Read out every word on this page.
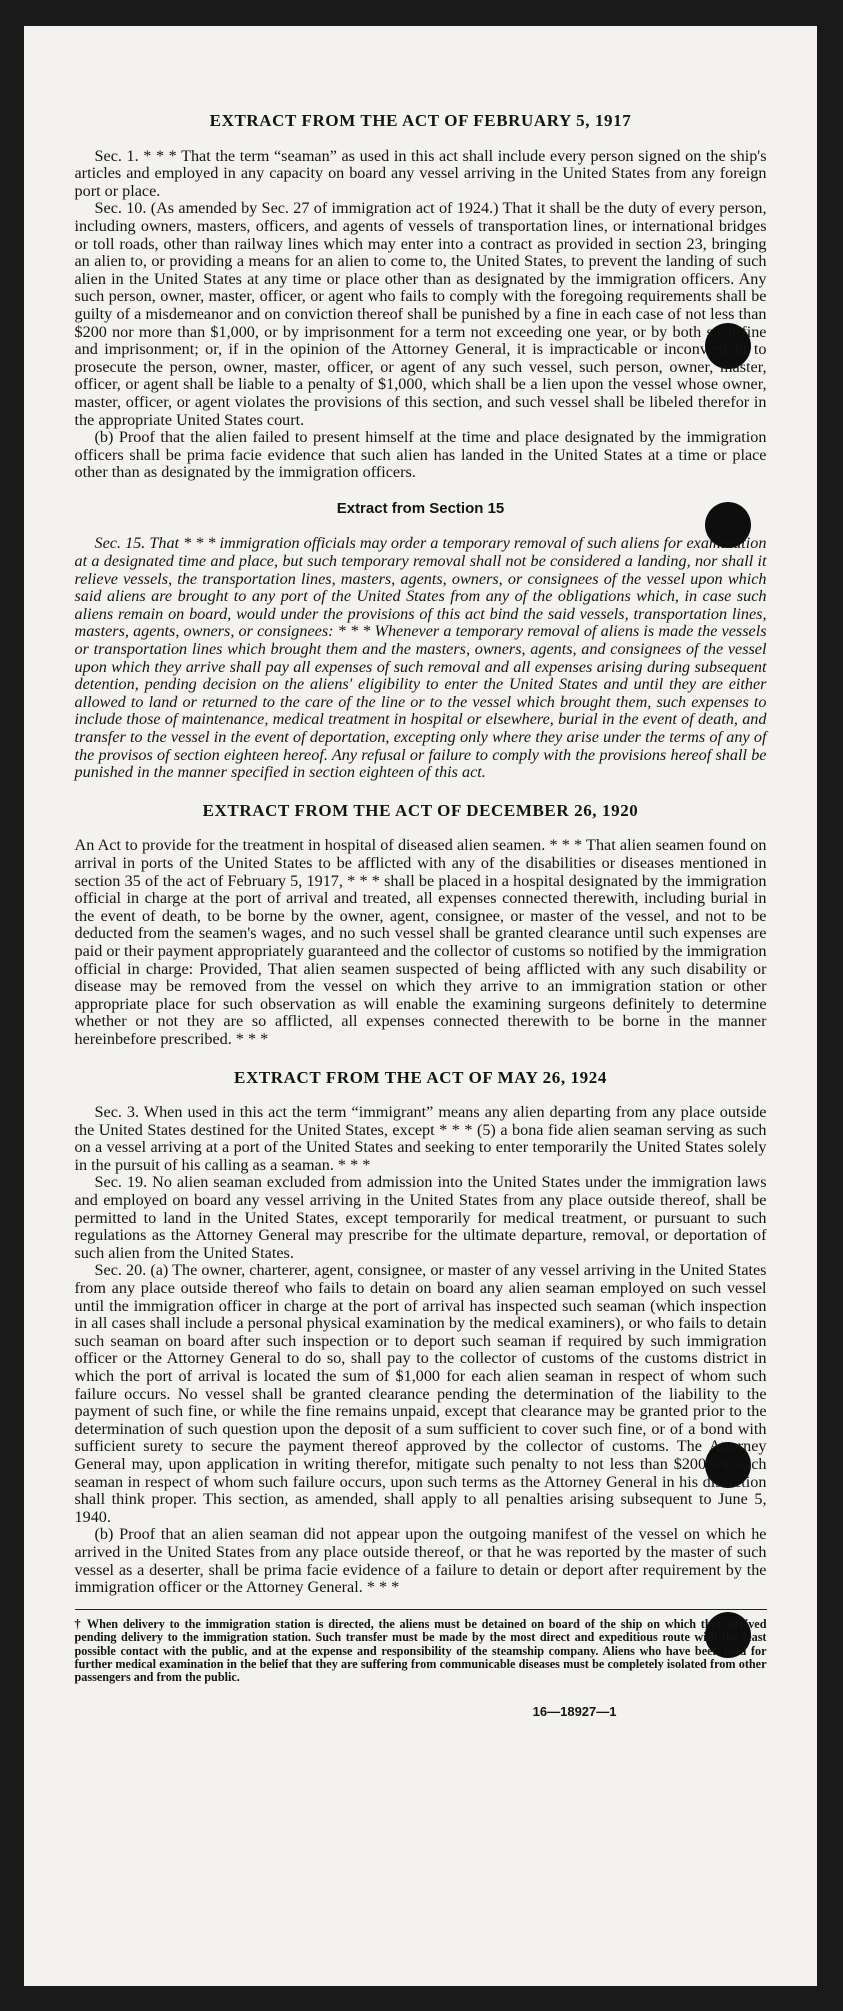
EXTRACT FROM THE ACT OF FEBRUARY 5, 1917

Sec. 1. * * * That the term “seaman” as used in this act shall include every person signed on the ship's articles and employed in any capacity on board any vessel arriving in the United States from any foreign port or place.

Sec. 10. (As amended by Sec. 27 of immigration act of 1924.) That it shall be the duty of every person, including owners, masters, officers, and agents of vessels of transportation lines, or international bridges or toll roads, other than railway lines which may enter into a contract as provided in section 23, bringing an alien to, or providing a means for an alien to come to, the United States, to prevent the landing of such alien in the United States at any time or place other than as designated by the immigration officers. Any such person, owner, master, officer, or agent who fails to comply with the foregoing requirements shall be guilty of a misdemeanor and on conviction thereof shall be punished by a fine in each case of not less than $200 nor more than $1,000, or by imprisonment for a term not exceeding one year, or by both such fine and imprisonment; or, if in the opinion of the Attorney General, it is impracticable or inconvenient to prosecute the person, owner, master, officer, or agent of any such vessel, such person, owner, master, officer, or agent shall be liable to a penalty of $1,000, which shall be a lien upon the vessel whose owner, master, officer, or agent violates the provisions of this section, and such vessel shall be libeled therefor in the appropriate United States court.

(b) Proof that the alien failed to present himself at the time and place designated by the immigration officers shall be prima facie evidence that such alien has landed in the United States at a time or place other than as designated by the immigration officers.

Extract from Section 15

Sec. 15. That * * * immigration officials may order a temporary removal of such aliens for examination at a designated time and place, but such temporary removal shall not be considered a landing, nor shall it relieve vessels, the transportation lines, masters, agents, owners, or consignees of the vessel upon which said aliens are brought to any port of the United States from any of the obligations which, in case such aliens remain on board, would under the provisions of this act bind the said vessels, transportation lines, masters, agents, owners, or consignees: * * * Whenever a temporary removal of aliens is made the vessels or transportation lines which brought them and the masters, owners, agents, and consignees of the vessel upon which they arrive shall pay all expenses of such removal and all expenses arising during subsequent detention, pending decision on the aliens' eligibility to enter the United States and until they are either allowed to land or returned to the care of the line or to the vessel which brought them, such expenses to include those of maintenance, medical treatment in hospital or elsewhere, burial in the event of death, and transfer to the vessel in the event of deportation, excepting only where they arise under the terms of any of the provisos of section eighteen hereof. Any refusal or failure to comply with the provisions hereof shall be punished in the manner specified in section eighteen of this act.

EXTRACT FROM THE ACT OF DECEMBER 26, 1920

An Act to provide for the treatment in hospital of diseased alien seamen. * * * That alien seamen found on arrival in ports of the United States to be afflicted with any of the disabilities or diseases mentioned in section 35 of the act of February 5, 1917, * * * shall be placed in a hospital designated by the immigration official in charge at the port of arrival and treated, all expenses connected therewith, including burial in the event of death, to be borne by the owner, agent, consignee, or master of the vessel, and not to be deducted from the seamen's wages, and no such vessel shall be granted clearance until such expenses are paid or their payment appropriately guaranteed and the collector of customs so notified by the immigration official in charge: Provided, That alien seamen suspected of being afflicted with any such disability or disease may be removed from the vessel on which they arrive to an immigration station or other appropriate place for such observation as will enable the examining surgeons definitely to determine whether or not they are so afflicted, all expenses connected therewith to be borne in the manner hereinbefore prescribed. * * *

EXTRACT FROM THE ACT OF MAY 26, 1924

Sec. 3. When used in this act the term “immigrant” means any alien departing from any place outside the United States destined for the United States, except * * * (5) a bona fide alien seaman serving as such on a vessel arriving at a port of the United States and seeking to enter temporarily the United States solely in the pursuit of his calling as a seaman. * * *

Sec. 19. No alien seaman excluded from admission into the United States under the immigration laws and employed on board any vessel arriving in the United States from any place outside thereof, shall be permitted to land in the United States, except temporarily for medical treatment, or pursuant to such regulations as the Attorney General may prescribe for the ultimate departure, removal, or deportation of such alien from the United States.

Sec. 20. (a) The owner, charterer, agent, consignee, or master of any vessel arriving in the United States from any place outside thereof who fails to detain on board any alien seaman employed on such vessel until the immigration officer in charge at the port of arrival has inspected such seaman (which inspection in all cases shall include a personal physical examination by the medical examiners), or who fails to detain such seaman on board after such inspection or to deport such seaman if required by such immigration officer or the Attorney General to do so, shall pay to the collector of customs of the customs district in which the port of arrival is located the sum of $1,000 for each alien seaman in respect of whom such failure occurs. No vessel shall be granted clearance pending the determination of the liability to the payment of such fine, or while the fine remains unpaid, except that clearance may be granted prior to the determination of such question upon the deposit of a sum sufficient to cover such fine, or of a bond with sufficient surety to secure the payment thereof approved by the collector of customs. The Attorney General may, upon application in writing therefor, mitigate such penalty to not less than $200 for each seaman in respect of whom such failure occurs, upon such terms as the Attorney General in his discretion shall think proper. This section, as amended, shall apply to all penalties arising subsequent to June 5, 1940.

(b) Proof that an alien seaman did not appear upon the outgoing manifest of the vessel on which he arrived in the United States from any place outside thereof, or that he was reported by the master of such vessel as a deserter, shall be prima facie evidence of a failure to detain or deport after requirement by the immigration officer or the Attorney General. * * *

† When delivery to the immigration station is directed, the aliens must be detained on board of the ship on which they arrived pending delivery to the immigration station. Such transfer must be made by the most direct and expeditious route with the least possible contact with the public, and at the expense and responsibility of the steamship company. Aliens who have been held for further medical examination in the belief that they are suffering from communicable diseases must be completely isolated from other passengers and from the public.
16—18927—1
